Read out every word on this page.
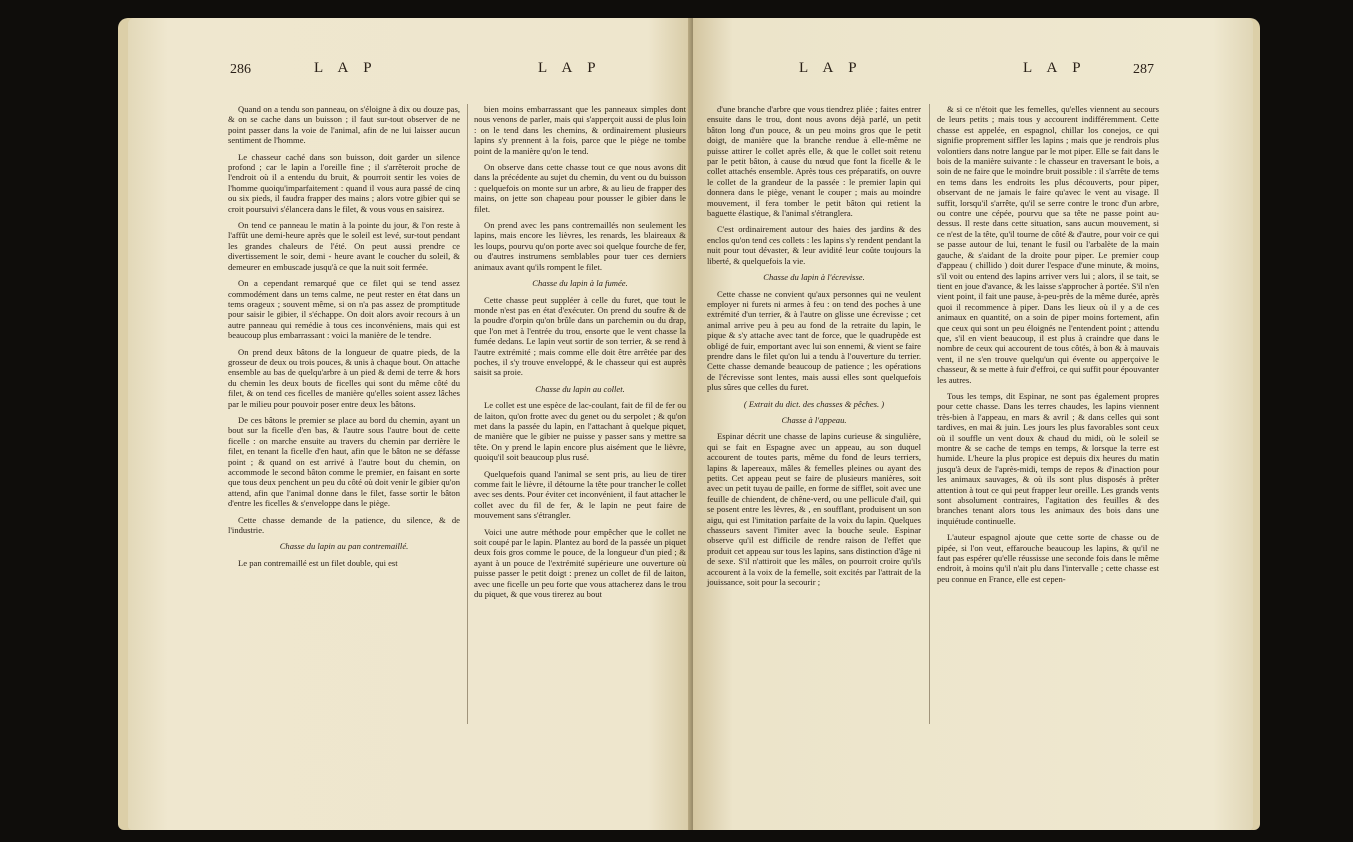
286	L A P	L A P

Quand on a tendu son panneau, on s'éloigne à dix ou douze pas, & on se cache dans un buisson ; il faut sur-tout observer de ne point passer dans la voie de l'animal, afin de ne lui laisser aucun sentiment de l'homme.

Le chasseur caché dans son buisson, doit garder un silence profond ; car le lapin a l'oreille fine ; il s'arrêteroit proche de l'endroit où il a entendu du bruit, & pourroit sentir les voies de l'homme quoiqu'imparfaitement : quand il vous aura passé de cinq ou six pieds, il faudra frapper des mains ; alors votre gibier qui se croit poursuivi s'élancera dans le filet, & vous vous en saisirez.

On tend ce panneau le matin à la pointe du jour, & l'on reste à l'affût une demi-heure après que le soleil est levé, sur-tout pendant les grandes chaleurs de l'été. On peut aussi prendre ce divertissement le soir, demi - heure avant le coucher du soleil, & demeurer en embuscade jusqu'à ce que la nuit soit fermée.

On a cependant remarqué que ce filet qui se tend assez commodément dans un tems calme, ne peut rester en état dans un tems orageux ; souvent même, si on n'a pas assez de promptitude pour saisir le gibier, il s'échappe. On doit alors avoir recours à un autre panneau qui remédie à tous ces inconvéniens, mais qui est beaucoup plus embarrassant : voici la manière de le tendre.

On prend deux bâtons de la longueur de quatre pieds, de la grosseur de deux ou trois pouces, & unis à chaque bout. On attache ensemble au bas de quelqu'arbre à un pied & demi de terre & hors du chemin les deux bouts de ficelles qui sont du même côté du filet, & on tend ces ficelles de manière qu'elles soient assez lâches par le milieu pour pouvoir poser entre deux les bâtons.

De ces bâtons le premier se place au bord du chemin, ayant un bout sur la ficelle d'en bas, & l'autre sous l'autre bout de cette ficelle : on marche ensuite au travers du chemin par derrière le filet, en tenant la ficelle d'en haut, afin que le bâton ne se défasse point ; & quand on est arrivé à l'autre bout du chemin, on accommode le second bâton comme le premier, en faisant en sorte que tous deux penchent un peu du côté où doit venir le gibier qu'on attend, afin que l'animal donne dans le filet, fasse sortir le bâton d'entre les ficelles & s'enveloppe dans le piège.

Cette chasse demande de la patience, du silence, & de l'industrie.

Chasse du lapin au pan contremaillé.

Le pan contremaillé est un filet double, qui est

bien moins embarrassant que les panneaux simples dont nous venons de parler, mais qui s'apperçoit aussi de plus loin : on le tend dans les chemins, & ordinairement plusieurs lapins s'y prennent à la fois, parce que le piège ne tombe point de la manière qu'on le tend.

On observe dans cette chasse tout ce que nous avons dit dans la précédente au sujet du chemin, du vent ou du buisson : quelquefois on monte sur un arbre, & au lieu de frapper des mains, on jette son chapeau pour pousser le gibier dans le filet.

On prend avec les pans contremaillés non seulement les lapins, mais encore les lièvres, les renards, les blaireaux & les loups, pourvu qu'on porte avec soi quelque fourche de fer, ou d'autres instrumens semblables pour tuer ces derniers animaux avant qu'ils rompent le filet.

Chasse du lapin à la fumée.

Cette chasse peut suppléer à celle du furet, que tout le monde n'est pas en état d'exécuter. On prend du soufre & de la poudre d'orpin qu'on brûle dans un parchemin ou du drap, que l'on met à l'entrée du trou, ensorte que le vent chasse la fumée dedans. Le lapin veut sortir de son terrier, & se rend à l'autre extrémité ; mais comme elle doit être arrêtée par des poches, il s'y trouve enveloppé, & le chasseur qui est auprès saisit sa proie.

Chasse du lapin au collet.

Le collet est une espèce de lac-coulant, fait de fil de fer ou de laiton, qu'on frotte avec du genet ou du serpolet ; & qu'on met dans la passée du lapin, en l'attachant à quelque piquet, de manière que le gibier ne puisse y passer sans y mettre sa tête. On y prend le lapin encore plus aisément que le lièvre, quoiqu'il soit beaucoup plus rusé.

Quelquefois quand l'animal se sent pris, au lieu de tirer comme fait le lièvre, il détourne la tête pour trancher le collet avec ses dents. Pour éviter cet inconvénient, il faut attacher le collet avec du fil de fer, & le lapin ne peut faire de mouvement sans s'étrangler.

Voici une autre méthode pour empêcher que le collet ne soit coupé par le lapin. Plantez au bord de la passée un piquet deux fois gros comme le pouce, de la longueur d'un pied ; & ayant à un pouce de l'extrémité supérieure une ouverture où puisse passer le petit doigt : prenez un collet de fil de laiton, avec une ficelle un peu forte que vous attacherez dans le trou du piquet, & que vous tirerez au bout

L A P	L A P	287

d'une branche d'arbre que vous tiendrez pliée ; faites entrer ensuite dans le trou, dont nous avons déjà parlé, un petit bâton long d'un pouce, & un peu moins gros que le petit doigt, de manière que la branche rendue à elle-même ne puisse attirer le collet après elle, & que le collet soit retenu par le petit bâton, à cause du nœud que font la ficelle & le collet attachés ensemble. Après tous ces préparatifs, on ouvre le collet de la grandeur de la passée : le premier lapin qui donnera dans le piège, venant le couper ; mais au moindre mouvement, il fera tomber le petit bâton qui retient la baguette élastique, & l'animal s'étranglera.

C'est ordinairement autour des haies des jardins & des enclos qu'on tend ces collets : les lapins s'y rendent pendant la nuit pour tout dévaster, & leur avidité leur coûte toujours la liberté, & quelquefois la vie.

Chasse du lapin à l'écrevisse.

Cette chasse ne convient qu'aux personnes qui ne veulent employer ni furets ni armes à feu : on tend des poches à une extrémité d'un terrier, & à l'autre on glisse une écrevisse ; cet animal arrive peu à peu au fond de la retraite du lapin, le pique & s'y attache avec tant de force, que le quadrupède est obligé de fuir, emportant avec lui son ennemi, & vient se faire prendre dans le filet qu'on lui a tendu à l'ouverture du terrier. Cette chasse demande beaucoup de patience ; les opérations de l'écrevisse sont lentes, mais aussi elles sont quelquefois plus sûres que celles du furet.

( Extrait du dict. des chasses & pêches. )
Chasse à l'appeau.

Espinar décrit une chasse de lapins curieuse & singulière, qui se fait en Espagne avec un appeau, au son duquel accourent de toutes parts, même du fond de leurs terriers, lapins & lapereaux, mâles & femelles pleines ou ayant des petits. Cet appeau peut se faire de plusieurs manières, soit avec un petit tuyau de paille, en forme de sifflet, soit avec une feuille de chiendent, de chêne-verd, ou une pellicule d'ail, qui se posent entre les lèvres, & , en soufflant, produisent un son aigu, qui est l'imitation parfaite de la voix du lapin. Quelques chasseurs savent l'imiter avec la bouche seule. Espinar observe qu'il est difficile de rendre raison de l'effet que produit cet appeau sur tous les lapins, sans distinction d'âge ni de sexe. S'il n'attiroit que les mâles, on pourroit croire qu'ils accourent à la voix de la femelle, soit excités par l'attrait de la jouissance, soit pour la secourir ;

& si ce n'étoit que les femelles, qu'elles viennent au secours de leurs petits ; mais tous y accourent indifféremment. Cette chasse est appelée, en espagnol, chillar los conejos, ce qui signifie proprement siffler les lapins ; mais que je rendrois plus volontiers dans notre langue par le mot piper. Elle se fait dans le bois de la manière suivante : le chasseur en traversant le bois, a soin de ne faire que le moindre bruit possible : il s'arrête de tems en tems dans les endroits les plus découverts, pour piper, observant de ne jamais le faire qu'avec le vent au visage. Il suffit, lorsqu'il s'arrête, qu'il se serre contre le tronc d'un arbre, ou contre une cépée, pourvu que sa tête ne passe point au-dessus. Il reste dans cette situation, sans aucun mouvement, si ce n'est de la tête, qu'il tourne de côté & d'autre, pour voir ce qui se passe autour de lui, tenant le fusil ou l'arbalète de la main gauche, & s'aidant de la droite pour piper. Le premier coup d'appeau ( chillido ) doit durer l'espace d'une minute, & moins, s'il voit ou entend des lapins arriver vers lui ; alors, il se tait, se tient en joue d'avance, & les laisse s'approcher à portée. S'il n'en vient point, il fait une pause, à-peu-près de la même durée, après quoi il recommence à piper. Dans les lieux où il y a de ces animaux en quantité, on a soin de piper moins fortement, afin que ceux qui sont un peu éloignés ne l'entendent point ; attendu que, s'il en vient beaucoup, il est plus à craindre que dans le nombre de ceux qui accourent de tous côtés, à bon & à mauvais vent, il ne s'en trouve quelqu'un qui évente ou apperçoive le chasseur, & se mette à fuir d'effroi, ce qui suffit pour épouvanter les autres.

Tous les temps, dit Espinar, ne sont pas également propres pour cette chasse. Dans les terres chaudes, les lapins viennent très-bien à l'appeau, en mars & avril ; & dans celles qui sont tardives, en mai & juin. Les jours les plus favorables sont ceux où il souffle un vent doux & chaud du midi, où le soleil se montre & se cache de temps en temps, & lorsque la terre est humide. L'heure la plus propice est depuis dix heures du matin jusqu'à deux de l'après-midi, temps de repos & d'inaction pour les animaux sauvages, & où ils sont plus disposés à prêter attention à tout ce qui peut frapper leur oreille. Les grands vents sont absolument contraires, l'agitation des feuilles & des branches tenant alors tous les animaux des bois dans une inquiétude continuelle.

L'auteur espagnol ajoute que cette sorte de chasse ou de pipée, si l'on veut, effarouche beaucoup les lapins, & qu'il ne faut pas espérer qu'elle réussisse une seconde fois dans le même endroit, à moins qu'il n'ait plu dans l'intervalle ; cette chasse est peu connue en France, elle est cepen-
